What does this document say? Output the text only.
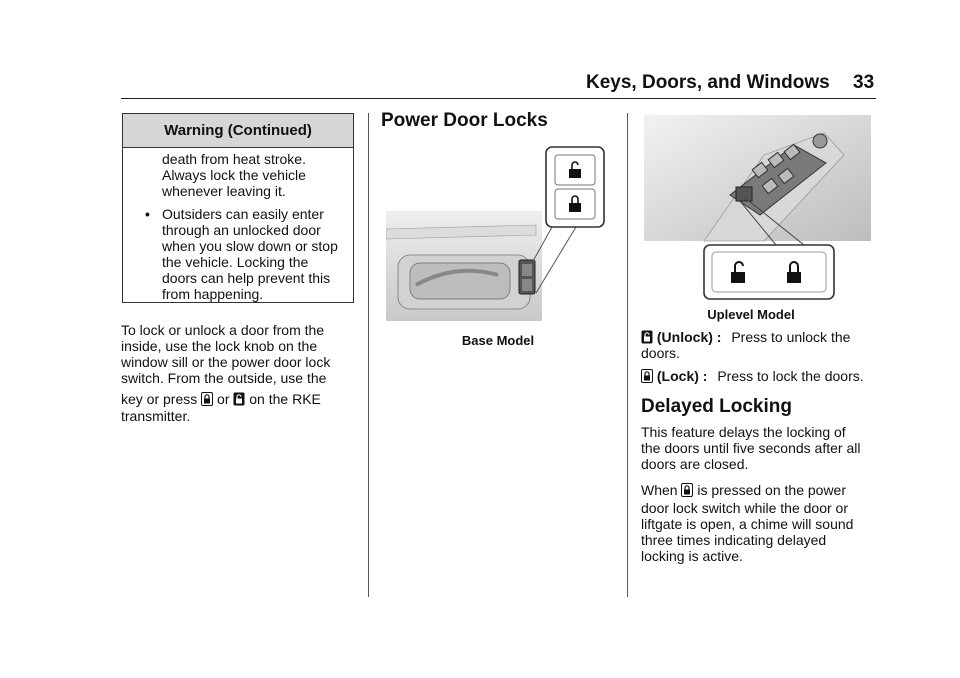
Keys, Doors, and Windows 33
Warning (Continued)
death from heat stroke.
Always lock the vehicle
whenever leaving it.
• Outsiders can easily enter
through an unlocked door
when you slow down or stop
the vehicle. Locking the
doors can help prevent this
from happening.
To lock or unlock a door from the
inside, use the lock knob on the
window sill or the power door lock
switch. From the outside, use the
key or press or on the RKE
transmitter.
Power Door Locks
Base Model
Uplevel Model
(Unlock) : Press to unlock the
doors.
(Lock) : Press to lock the doors.
Delayed Locking
This feature delays the locking of
the doors until five seconds after all
doors are closed.
When is pressed on the power
door lock switch while the door or
liftgate is open, a chime will sound
three times indicating delayed
locking is active.
